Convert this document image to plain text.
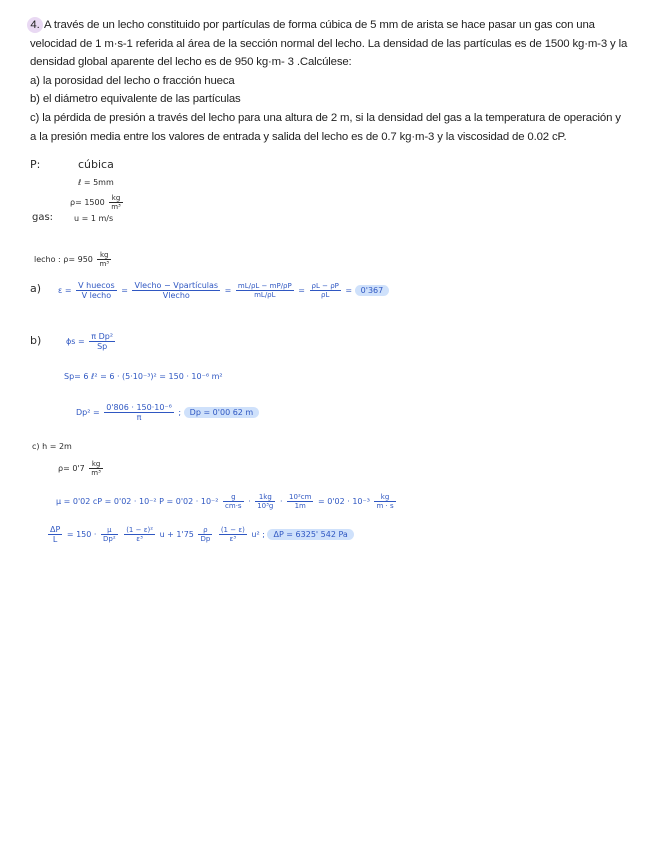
4. A través de un lecho constituido por partículas de forma cúbica de 5 mm de arista se hace pasar un gas con una velocidad de 1 m·s-1 referida al área de la sección normal del lecho. La densidad de las partículas es de 1500 kg·m-3 y la densidad global aparente del lecho es de 950 kg·m- 3 .Calcúlese:

a) la porosidad del lecho o fracción hueca

b) el diámetro equivalente de las partículas

c) la pérdida de presión a través del lecho para una altura de 2 m, si la densidad del gas a la temperatura de operación y a la presión media entre los valores de entrada y salida del lecho es de 0.7 kg·m-3 y la viscosidad de 0.02 cP.

P:	cúbica
ℓ = 5mm
$\rho= 1500 \frac{kg}{\text{m³}}$
gas:	u = 1 m/s
lecho : $\rho= 950 \frac{kg}{\text{m³}}$
a) $\varepsilon = \frac{\text{V huecos}}{\text{V lecho}} = \frac{\text{Vlecho − Vpartículas}}{\text{Vlecho}} = \frac{mL/\rho L - mP/\rho P}{mL/\rho L} = \frac{\rho L - \rho P}{\rho L} = 0'367$
b)	$\phi s = \frac{\text{π Dp²}}{Sp}$
Sp= 6 ℓ² = 6 · (5·10⁻³)² = 150 · 10⁻⁶ m²
$Dp^2 = \frac{\text{0'806 · 150·10⁻⁶}}{\pi}$ ; Dp = 0'00 62 m
c) h = 2m
$\rho= 0'7 \frac{kg}{\text{m³}}$
μ = 0'02 cP = 0'02 · 10⁻² $P = 0'02 \cdot 10^{-2} \frac{g}{cm\cdot s} \cdot \frac{1kg}{\text{10³g}} \cdot \frac{\text{10²cm}}{1m} = 0'02 \cdot 10^{-3} \frac{kg}{m \cdot s}$
$\frac{\Delta P}{L} = 150 \cdot \frac{\mu}{\text{Dp²}}$
$\frac{\text{(1 − ε)²}}{\text{ε³}}$ $u + 1'75 \frac{\rho}{Dp}$
$\frac{(1 - \varepsilon)}{\text{ε³}} u^2$ ; ΔP = 6325' 542 Pa
